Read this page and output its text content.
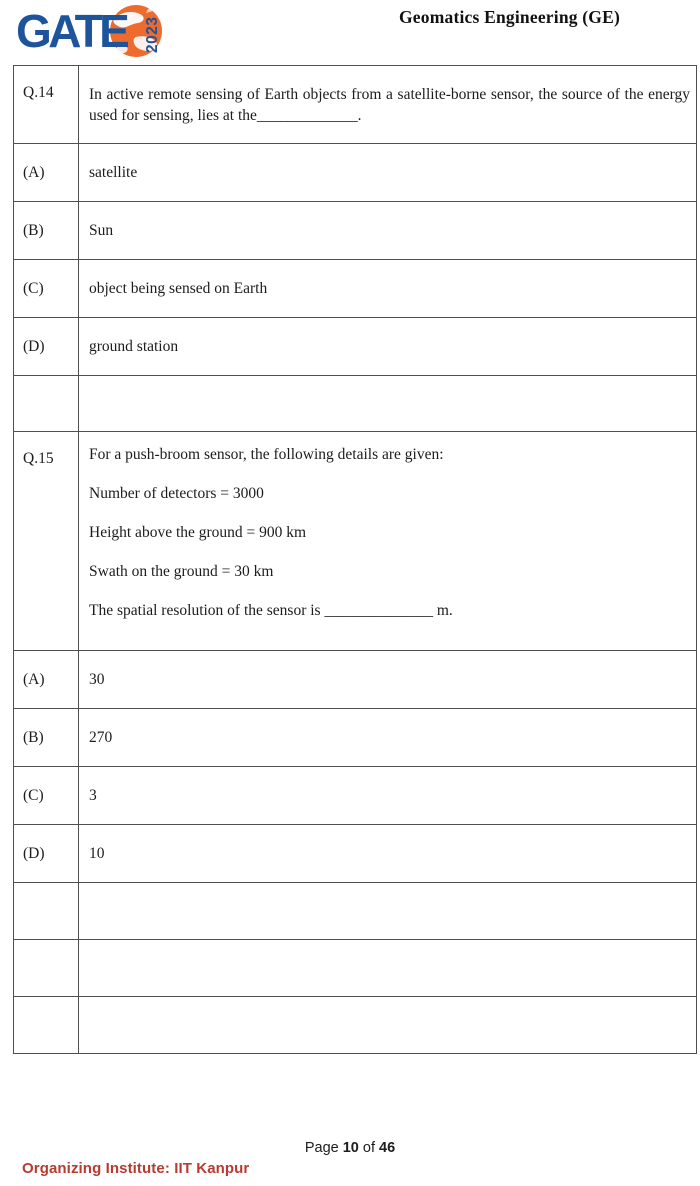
GATE 2023	Geomatics Engineering (GE)
Q.14	In active remote sensing of Earth objects from a satellite-borne sensor, the source of the energy used for sensing, lies at the_____________.

(A)	satellite
(B)	Sun
(C)	object being sensed on Earth
(D)	ground station

Q.15	For a push-broom sensor, the following details are given:

Number of detectors = 3000

Height above the ground = 900 km

Swath on the ground = 30 km

The spatial resolution of the sensor is ______________ m.

(A)	30
(B)	270
(C)	3
(D)	10

Page 10 of 46
Organizing Institute: IIT Kanpur
